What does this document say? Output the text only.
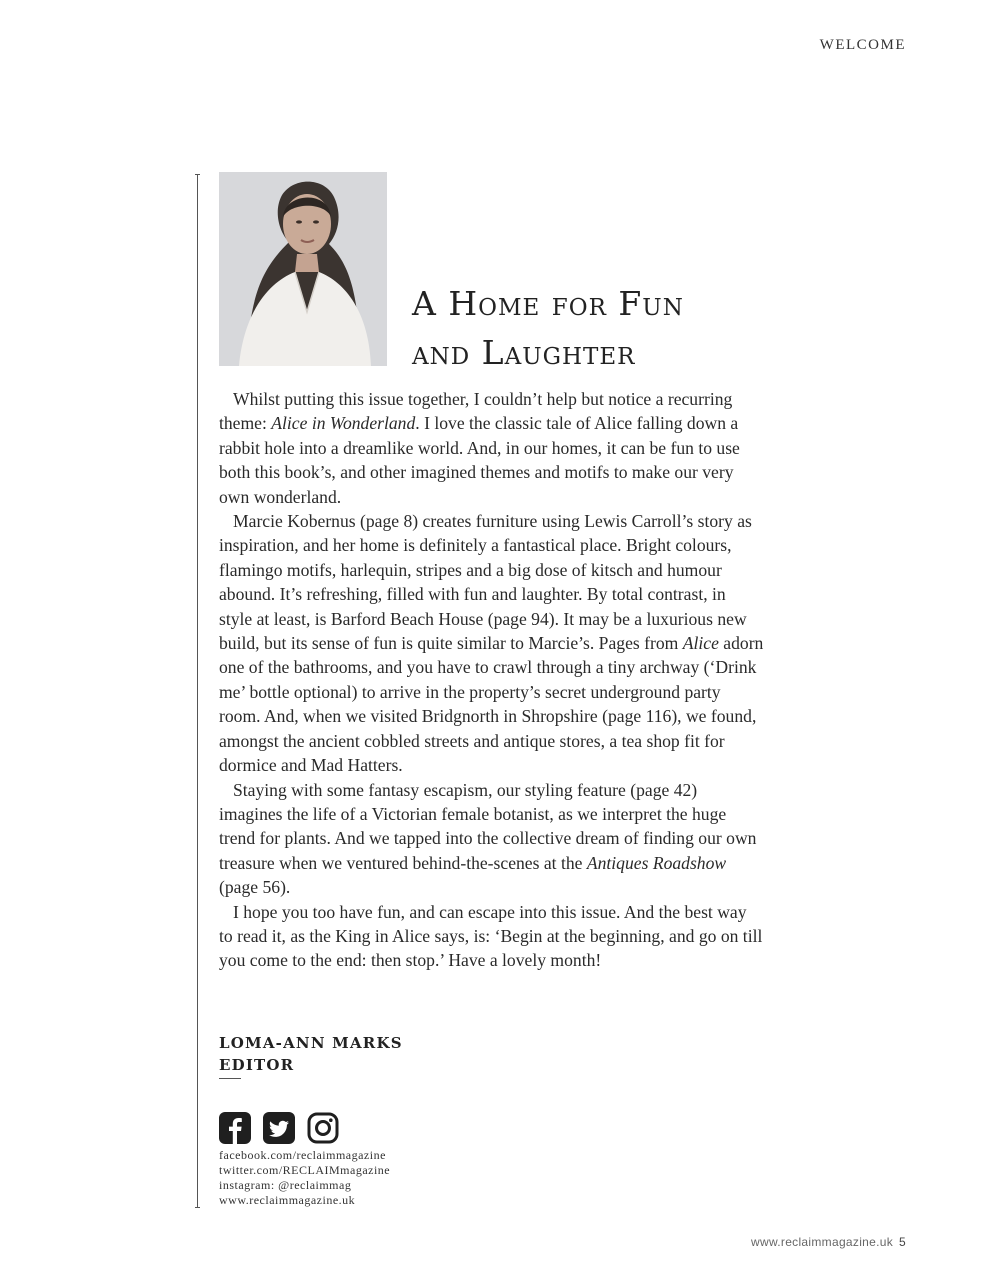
WELCOME
A Home for Fun
and Laughter

Whilst putting this issue together, I couldn’t help but notice a recurring
theme: Alice in Wonderland. I love the classic tale of Alice falling down a
rabbit hole into a dreamlike world. And, in our homes, it can be fun to use
both this book’s, and other imagined themes and motifs to make our very
own wonderland.

Marcie Kobernus (page 8) creates furniture using Lewis Carroll’s story as
inspiration, and her home is definitely a fantastical place. Bright colours,
flamingo motifs, harlequin, stripes and a big dose of kitsch and humour
abound. It’s refreshing, filled with fun and laughter. By total contrast, in
style at least, is Barford Beach House (page 94). It may be a luxurious new
build, but its sense of fun is quite similar to Marcie’s. Pages from Alice adorn
one of the bathrooms, and you have to crawl through a tiny archway (‘Drink
me’ bottle optional) to arrive in the property’s secret underground party
room. And, when we visited Bridgnorth in Shropshire (page 116), we found,
amongst the ancient cobbled streets and antique stores, a tea shop fit for
dormice and Mad Hatters.

Staying with some fantasy escapism, our styling feature (page 42)
imagines the life of a Victorian female botanist, as we interpret the huge
trend for plants. And we tapped into the collective dream of finding our own
treasure when we ventured behind-the-scenes at the Antiques Roadshow
(page 56).

I hope you too have fun, and can escape into this issue. And the best way
to read it, as the King in Alice says, is: ‘Begin at the beginning, and go on till
you come to the end: then stop.’ Have a lovely month!

LOMA-ANN MARKS
EDITOR
facebook.com/reclaimmagazine
twitter.com/RECLAIMmagazine
instagram: @reclaimmag
www.reclaimmagazine.uk
www.reclaimmagazine.uk 5
